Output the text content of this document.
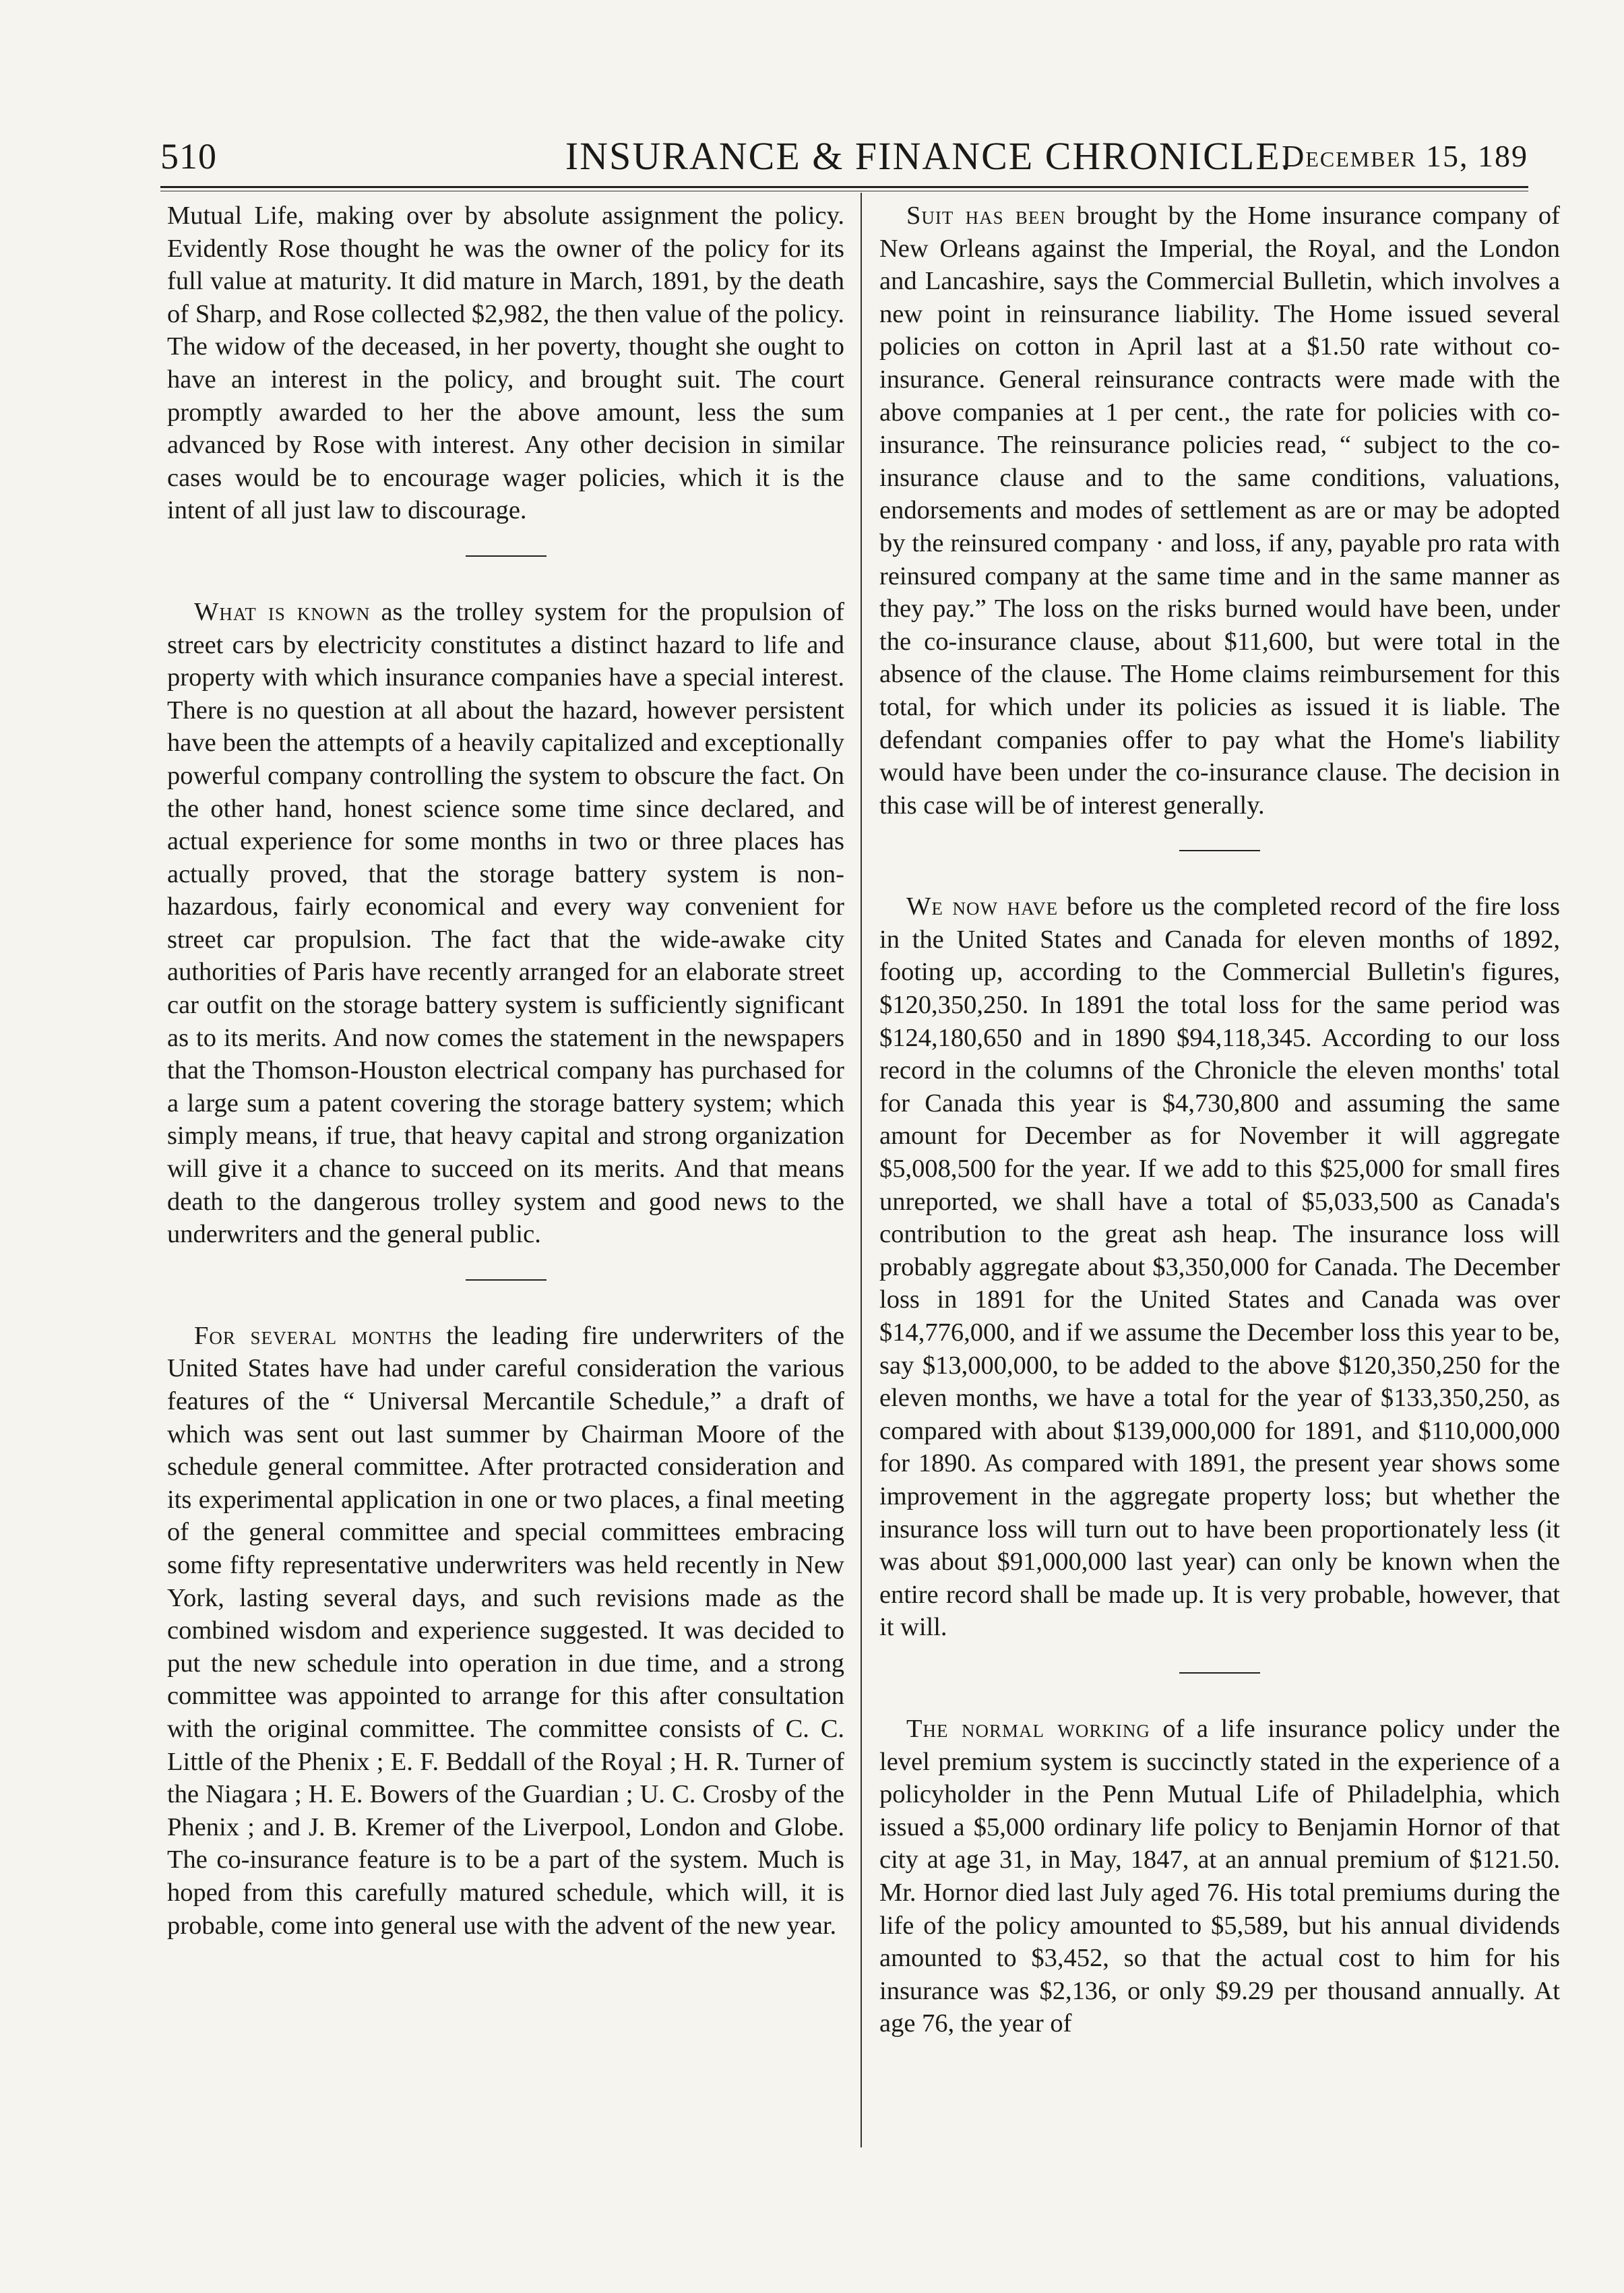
510	INSURANCE & FINANCE CHRONICLE.
December 15, 189

Mutual Life, making over by absolute assignment the policy. Evidently Rose thought he was the owner of the policy for its full value at maturity. It did mature in March, 1891, by the death of Sharp, and Rose collected $2,982, the then value of the policy. The widow of the deceased, in her poverty, thought she ought to have an interest in the policy, and brought suit. The court promptly awarded to her the above amount, less the sum advanced by Rose with interest. Any other decision in similar cases would be to encourage wager policies, which it is the intent of all just law to discourage.

What is known as the trolley system for the propulsion of street cars by electricity constitutes a distinct hazard to life and property with which insurance companies have a special interest. There is no question at all about the hazard, however persistent have been the attempts of a heavily capitalized and exceptionally powerful company controlling the system to obscure the fact. On the other hand, honest science some time since declared, and actual experience for some months in two or three places has actually proved, that the storage battery system is non-hazardous, fairly economical and every way convenient for street car propulsion. The fact that the wide-awake city authorities of Paris have recently arranged for an elaborate street car outfit on the storage battery system is sufficiently significant as to its merits. And now comes the statement in the newspapers that the Thomson-Houston electrical company has purchased for a large sum a patent covering the storage battery system; which simply means, if true, that heavy capital and strong organization will give it a chance to succeed on its merits. And that means death to the dangerous trolley system and good news to the underwriters and the general public.

For several months the leading fire underwriters of the United States have had under careful consideration the various features of the “ Universal Mercantile Schedule,” a draft of which was sent out last summer by Chairman Moore of the schedule general committee. After protracted consideration and its experimental application in one or two places, a final meeting of the general committee and special committees embracing some fifty representative underwriters was held recently in New York, lasting several days, and such revisions made as the combined wisdom and experience suggested. It was decided to put the new schedule into operation in due time, and a strong committee was appointed to arrange for this after consultation with the original committee. The committee consists of C. C. Little of the Phenix ; E. F. Beddall of the Royal ; H. R. Turner of the Niagara ; H. E. Bowers of the Guardian ; U. C. Crosby of the Phenix ; and J. B. Kremer of the Liverpool, London and Globe. The co-insurance feature is to be a part of the system. Much is hoped from this carefully matured schedule, which will, it is probable, come into general use with the advent of the new year.

Suit has been brought by the Home insurance company of New Orleans against the Imperial, the Royal, and the London and Lancashire, says the Commercial Bulletin, which involves a new point in reinsurance liability. The Home issued several policies on cotton in April last at a $1.50 rate without co-insurance. General reinsurance contracts were made with the above companies at 1 per cent., the rate for policies with co-insurance. The reinsurance policies read, “ subject to the co-insurance clause and to the same conditions, valuations, endorsements and modes of settlement as are or may be adopted by the reinsured company · and loss, if any, payable pro rata with reinsured company at the same time and in the same manner as they pay.” The loss on the risks burned would have been, under the co-insurance clause, about $11,600, but were total in the absence of the clause. The Home claims reimbursement for this total, for which under its policies as issued it is liable. The defendant companies offer to pay what the Home's liability would have been under the co-insurance clause. The decision in this case will be of interest generally.

We now have before us the completed record of the fire loss in the United States and Canada for eleven months of 1892, footing up, according to the Commercial Bulletin's figures, $120,350,250. In 1891 the total loss for the same period was $124,180,650 and in 1890 $94,118,345. According to our loss record in the columns of the Chronicle the eleven months' total for Canada this year is $4,730,800 and assuming the same amount for December as for November it will aggregate $5,008,500 for the year. If we add to this $25,000 for small fires unreported, we shall have a total of $5,033,500 as Canada's contribution to the great ash heap. The insurance loss will probably aggregate about $3,350,000 for Canada. The December loss in 1891 for the United States and Canada was over $14,776,000, and if we assume the December loss this year to be, say $13,000,000, to be added to the above $120,350,250 for the eleven months, we have a total for the year of $133,350,250, as compared with about $139,000,000 for 1891, and $110,000,000 for 1890. As compared with 1891, the present year shows some improvement in the aggregate property loss; but whether the insurance loss will turn out to have been proportionately less (it was about $91,000,000 last year) can only be known when the entire record shall be made up. It is very probable, however, that it will.

The normal working of a life insurance policy under the level premium system is succinctly stated in the experience of a policyholder in the Penn Mutual Life of Philadelphia, which issued a $5,000 ordinary life policy to Benjamin Hornor of that city at age 31, in May, 1847, at an annual premium of $121.50. Mr. Hornor died last July aged 76. His total premiums during the life of the policy amounted to $5,589, but his annual dividends amounted to $3,452, so that the actual cost to him for his insurance was $2,136, or only $9.29 per thousand annually. At age 76, the year of
